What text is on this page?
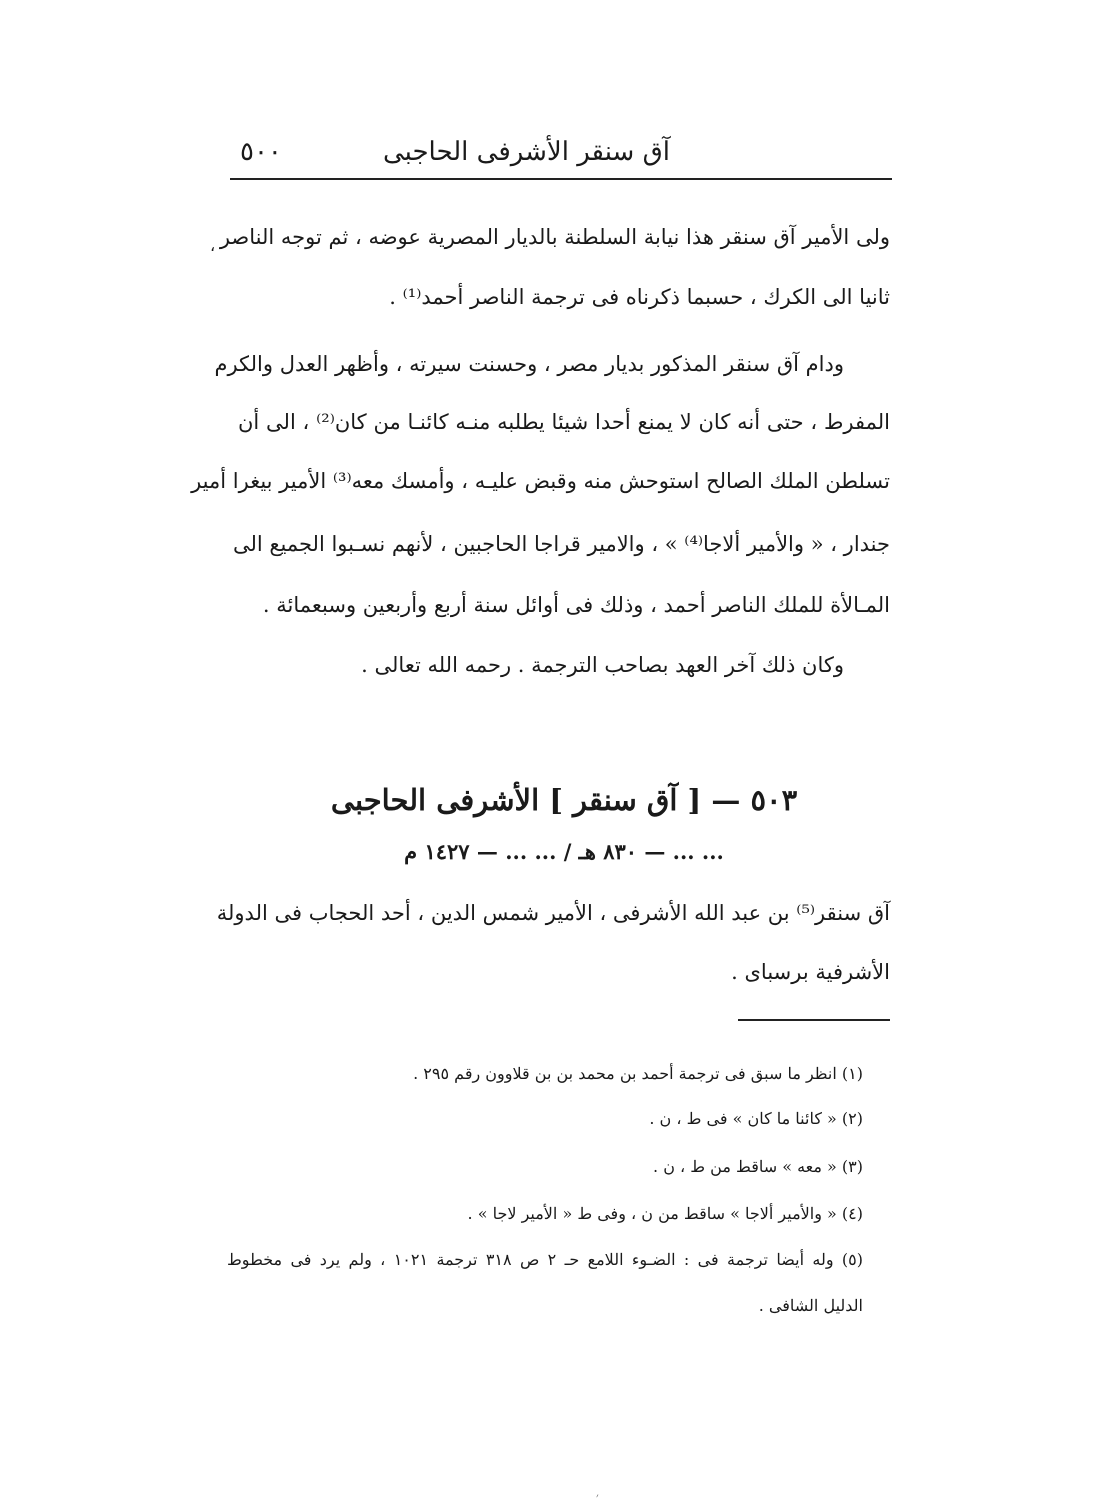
آق سنقر الأشرفى الحاجبى
٥٠٠
، ولى الأمير آق سنقر هذا نيابة السلطنة بالديار المصرية عوضه ، ثم توجه الناصر
ثانيا الى الكرك ، حسبما ذكرناه فى ترجمة الناصر أحمد⁽¹⁾ .
ودام آق سنقر المذكور بديار مصر ، وحسنت سيرته ، وأظهر العدل والكرم
المفرط ، حتى أنه كان لا يمنع أحدا شيئا يطلبه منـه كائنـا من كان⁽²⁾ ، الى أن
تسلطن الملك الصالح استوحش منه وقبض عليـه ، وأمسك معه⁽³⁾ الأمير بيغرا أمير
جندار ، « والأمير ألاجا⁽⁴⁾ » ، والامير قراجا الحاجبين ، لأنهم نسـبوا الجميع الى
المـالأة للملك الناصر أحمد ، وذلك فى أوائل سنة أربع وأربعين وسبعمائة .
وكان ذلك آخر العهد بصاحب الترجمة . رحمه الله تعالى .
٥٠٣ — [ آق سنقر ] الأشرفى الحاجبى
... ... — ٨٣٠ هـ / ... ... — ١٤٢٧ م
آق سنقر⁽⁵⁾ بن عبد الله الأشرفى ، الأمير شمس الدين ، أحد الحجاب فى الدولة
الأشرفية برسباى .
(١) انظر ما سبق فى ترجمة أحمد بن محمد بن بن قلاوون رقم ٢٩٥ .
(٢) « كائنا ما كان » فى ط ، ن .
(٣) « معه » ساقط من ط ، ن .
(٤) « والأمير ألاجا » ساقط من ن ، وفى ط « الأمير لاجا » .
(٥) وله أيضا ترجمة فى : الضـوء اللامع حـ ٢ ص ٣١٨ ترجمة ١٠٢١ ، ولم يرد فى مخطوط
الدليل الشافى .
׳
